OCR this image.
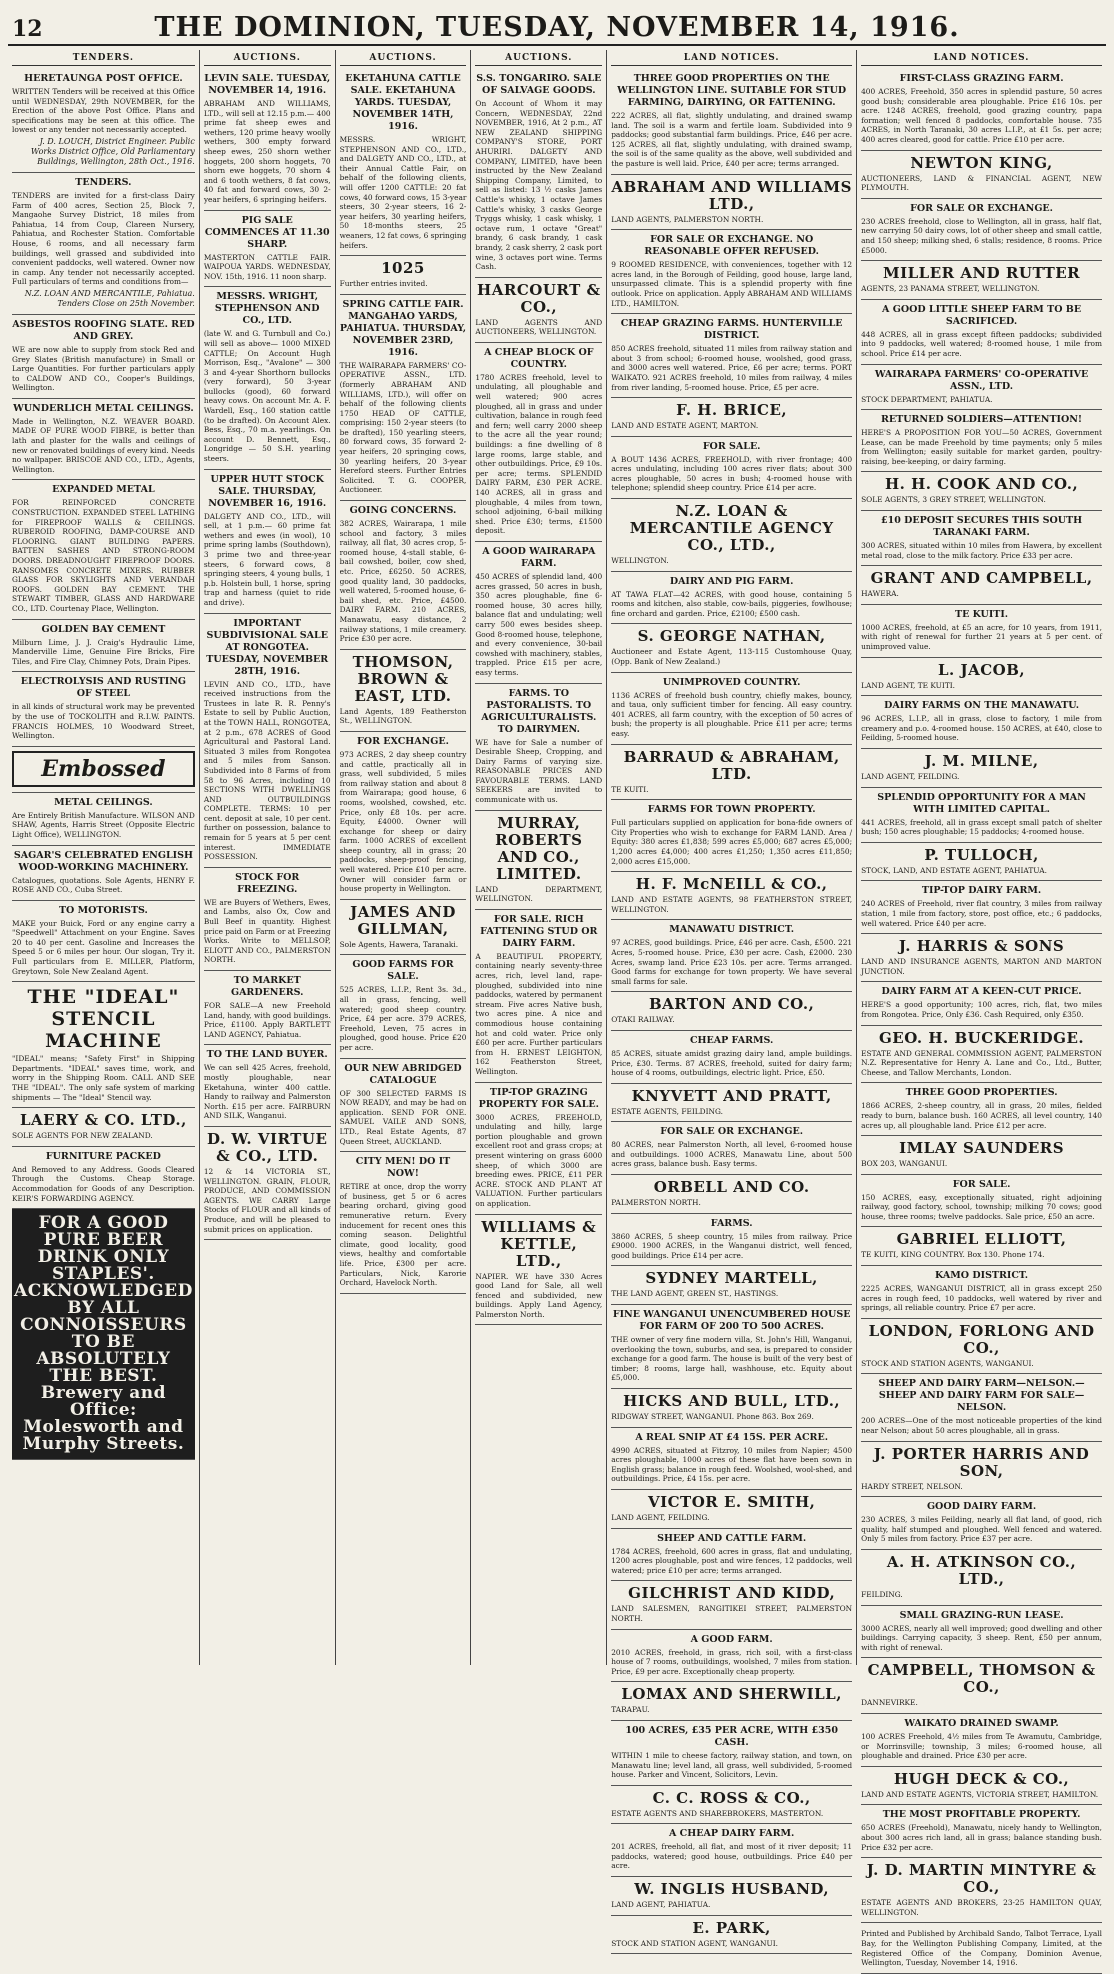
12	THE DOMINION, TUESDAY, NOVEMBER 14, 1916.
TENDERS.
HEREТAUNGA POST OFFICE.
WRITTEN Tenders will be received at this Office until WEDNESDAY, 29th NOVEMBER, for the Erection of the above Post Office. Plans and specifications may be seen at this office. The lowest or any tender not necessarily accepted.
J. D. LOUCH, District Engineer. Public Works District Office, Old Parliamentary Buildings, Wellington, 28th Oct., 1916.
TENDERS.
TENDERS are invited for a first-class Dairy Farm of 400 acres, Section 25, Block 7, Mangaohe Survey District, 18 miles from Pahiatua, 14 from Coup, Clareen Nursery, Pahiatua, and Rochester Station. Comfortable House, 6 rooms, and all necessary farm buildings, well grassed and subdivided into convenient paddocks, well watered. Owner now in camp. Any tender not necessarily accepted. Full particulars of terms and conditions from—
N.Z. LOAN AND MERCANTILE, Pahiatua. Tenders Close on 25th November.
ASBESTOS ROOFING SLATE. RED AND GREY.
WE are now able to supply from stock Red and Grey Slates (British manufacture) in Small or Large Quantities. For further particulars apply to CALDOW AND CO., Cooper's Buildings, Wellington.
WUNDERLICH METAL CEILINGS.
Made in Wellington, N.Z. WEAVER BOARD. MADE OF PURE WOOD FIBRE, is better than lath and plaster for the walls and ceilings of new or renovated buildings of every kind. Needs no wallpaper. BRISCOE AND CO., LTD., Agents, Wellington.
EXPANDED METAL
FOR REINFORCED CONCRETE CONSTRUCTION. EXPANDED STEEL LATHING for FIREPROOF WALLS & CEILINGS. RUBEROID ROOFING, DAMP-COURSE AND FLOORING. GIANT BUILDING PAPERS. BATTEN SASHES AND STRONG-ROOM DOORS. DREADNOUGHT FIREPROOF DOORS. RANSOMES CONCRETE MIXERS. RUBBER GLASS FOR SKYLIGHTS AND VERANDAH ROOFS. GOLDEN BAY CEMENT. THE STEWART TIMBER, GLASS AND HARDWARE CO., LTD. Courtenay Place, Wellington.
GOLDEN BAY CEMENT
Milburn Lime, J. J. Craig's Hydraulic Lime, Manderville Lime, Genuine Fire Bricks, Fire Tiles, and Fire Clay, Chimney Pots, Drain Pipes.
ELECTROLYSIS AND RUSTING OF STEEL
in all kinds of structural work may be prevented by the use of TOCKOLITH and R.I.W. PAINTS. FRANCIS HOLMES, 10 Woodward Street, Wellington.
Embossed
METAL CEILINGS.
Are Entirely British Manufacture. WILSON AND SHAW, Agents, Harris Street (Opposite Electric Light Office), WELLINGTON.
SAGAR'S CELEBRATED ENGLISH WOOD-WORKING MACHINERY.
Catalogues, quotations. Sole Agents, HENRY F. ROSE AND CO., Cuba Street.
TO MOTORISTS.
MAKE your Buick, Ford or any engine carry a "Speedwell" Attachment on your Engine. Saves 20 to 40 per cent. Gasoline and Increases the Speed 5 or 6 miles per hour. Our slogan, Try it. Full particulars from E. MILLER, Platform, Greytown, Sole New Zealand Agent.
THE "IDEAL" STENCIL MACHINE
"IDEAL" means; "Safety First" in Shipping Departments. "IDEAL" saves time, work, and worry in the Shipping Room. CALL AND SEE THE "IDEAL". The only safe system of marking shipments — The "Ideal" Stencil way.
LAERY & CO. LTD.,
SOLE AGENTS FOR NEW ZEALAND.
FURNITURE PACKED
And Removed to any Address. Goods Cleared Through the Customs. Cheap Storage. Accommodation for Goods of any Description. KEIR'S FORWARDING AGENCY.
FOR A GOOD PURE BEER DRINK ONLY STAPLES'. ACKNOWLEDGED BY ALL CONNOISSEURS TO BE ABSOLUTELY THE BEST. Brewery and Office: Molesworth and Murphy Streets.
AUCTIONS.
LEVIN SALE. TUESDAY, NOVEMBER 14, 1916.
ABRAHAM AND WILLIAMS, LTD., will sell at 12.15 p.m.— 400 prime fat sheep ewes and wethers, 120 prime heavy woolly wethers, 300 empty forward sheep ewes, 250 shorn wether hoggets, 200 shorn hoggets, 70 shorn ewe hoggets, 70 shorn 4 and 6 tooth wethers, 8 fat cows, 40 fat and forward cows, 30 2-year heifers, 6 springing heifers.
PIG SALE COMMENCES AT 11.30 SHARP.
MASTERTON CATTLE FAIR. WAIPOUA YARDS. WEDNESDAY, NOV. 15th, 1916. 11 noon sharp.
MESSRS. WRIGHT, STEPHENSON AND CO., LTD.
(late W. and G. Turnbull and Co.) will sell as above— 1000 MIXED CATTLE; On Account Hugh Morrison, Esq., "Avalone" — 300 3 and 4-year Shorthorn bullocks (very forward), 50 3-year bullocks (good), 60 forward heavy cows. On account Mr. A. F. Wardell, Esq., 160 station cattle (to be drafted). On Account Alex. Bess, Esq., 70 m.a. yearlings. On account D. Bennett, Esq., Longridge — 50 S.H. yearling steers.
UPPER HUTT STOCK SALE. THURSDAY, NOVEMBER 16, 1916.
DALGETY AND CO., LTD., will sell, at 1 p.m.— 60 prime fat wethers and ewes (in wool), 10 prime spring lambs (Southdown), 3 prime two and three-year steers, 6 forward cows, 8 springing steers, 4 young bulls, 1 p.b. Holstein bull, 1 horse, spring trap and harness (quiet to ride and drive).
IMPORTANT SUBDIVISIONAL SALE AT RONGOTEA. TUESDAY, NOVEMBER 28TH, 1916.
LEVIN AND CO., LTD., have received instructions from the Trustees in late R. R. Penny's Estate to sell by Public Auction, at the TOWN HALL, RONGOTEA, at 2 p.m., 678 ACRES of Good Agricultural and Pastoral Land. Situated 3 miles from Rongotea and 5 miles from Sanson. Subdivided into 8 Farms of from 58 to 96 Acres, including 10 SECTIONS WITH DWELLINGS AND OUTBUILDINGS COMPLETE. TERMS: 10 per cent. deposit at sale, 10 per cent. further on possession, balance to remain for 5 years at 5 per cent interest. IMMEDIATE POSSESSION.
STOCK FOR FREEZING.
WE are Buyers of Wethers, Ewes, and Lambs, also Ox, Cow and Bull Beef in quantity. Highest price paid on Farm or at Freezing Works. Write to MELLSOP, ELIOTT AND CO., PALMERSTON NORTH.
TO MARKET GARDENERS.
FOR SALE—A new Freehold Land, handy, with good buildings. Price, £1100. Apply BARTLETT LAND AGENCY, Pahiatua.
TO THE LAND BUYER.
We can sell 425 Acres, freehold, mostly ploughable, near Eketahuna, winter 400 cattle. Handy to railway and Palmerston North. £15 per acre. FAIRBURN AND SILK, Wanganui.
D. W. VIRTUE & CO., LTD.
12 & 14 VICTORIA ST., WELLINGTON. GRAIN, FLOUR, PRODUCE, AND COMMISSION AGENTS. WE CARRY Large Stocks of FLOUR and all kinds of Produce, and will be pleased to submit prices on application.
AUCTIONS.
EKETAHUNA CATTLE SALE. EKETAHUNA YARDS. TUESDAY, NOVEMBER 14TH, 1916.
MESSRS. WRIGHT, STEPHENSON AND CO., LTD., and DALGETY AND CO., LTD., at their Annual Cattle Fair, on behalf of the following clients, will offer 1200 CATTLE: 20 fat cows, 40 forward cows, 15 3-year steers, 30 2-year steers, 16 2-year heifers, 30 yearling heifers, 50 18-months steers, 25 weaners, 12 fat cows, 6 springing heifers.
1025
Further entries invited.
SPRING CATTLE FAIR. MANGAHAO YARDS, PAHIATUA. THURSDAY, NOVEMBER 23RD, 1916.
THE WAIRARAPA FARMERS' CO-OPERATIVE ASSN., LTD. (formerly ABRAHAM AND WILLIAMS, LTD.), will offer on behalf of the following clients 1750 HEAD OF CATTLE, comprising: 150 2-year steers (to be drafted), 150 yearling steers, 80 forward cows, 35 forward 2-year heifers, 20 springing cows, 30 yearling heifers, 20 3-year Hereford steers. Further Entries Solicited. T. G. COOPER, Auctioneer.
GOING CONCERNS.
382 ACRES, Wairarapa, 1 mile school and factory, 3 miles railway, all flat, 30 acres crop, 5-roomed house, 4-stall stable, 6-bail cowshed, boiler, cow shed, etc. Price, £6250. 50 ACRES, good quality land, 30 paddocks, well watered, 5-roomed house, 6-bail shed, etc. Price, £4500. DAIRY FARM. 210 ACRES, Manawatu, easy distance, 2 railway stations, 1 mile creamery. Price £30 per acre.
THOMSON, BROWN & EAST, LTD.
Land Agents, 189 Featherston St., WELLINGTON.
FOR EXCHANGE.
973 ACRES, 2 day sheep country and cattle, practically all in grass, well subdivided, 5 miles from railway station and about 8 from Wairarapa; good house, 6 rooms, woolshed, cowshed, etc. Price, only £8 10s. per acre. Equity, £4000. Owner will exchange for sheep or dairy farm. 1000 ACRES of excellent sheep country, all in grass; 20 paddocks, sheep-proof fencing, well watered. Price £10 per acre. Owner will consider farm or house property in Wellington.
JAMES AND GILLMAN,
Sole Agents, Hawera, Taranaki.
GOOD FARMS FOR SALE.
525 ACRES, L.I.P., Rent 3s. 3d., all in grass, fencing, well watered; good sheep country. Price, £4 per acre. 379 ACRES, Freehold, Leven, 75 acres in ploughed, good house. Price £20 per acre.
OUR NEW ABRIDGED CATALOGUE
OF 300 SELECTED FARMS IS NOW READY, and may be had on application. SEND FOR ONE. SAMUEL VAILE AND SONS, LTD., Real Estate Agents, 87 Queen Street, AUCKLAND.
CITY MEN! DO IT NOW!
RETIRE at once, drop the worry of business, get 5 or 6 acres bearing orchard, giving good remunerative return. Every inducement for recent ones this coming season. Delightful climate, good locality, good views, healthy and comfortable life. Price, £300 per acre. Particulars, Nick, Karorie Orchard, Havelock North.
AUCTIONS.
S.S. TONGARIRO. SALE OF SALVAGE GOODS.
On Account of Whom it may Concern, WEDNESDAY, 22nd NOVEMBER, 1916, At 2 p.m., AT NEW ZEALAND SHIPPING COMPANY'S STORE, PORT AHURIRI. DALGETY AND COMPANY, LIMITED, have been instructed by the New Zealand Shipping Company, Limited, to sell as listed: 13 ½ casks James Cattle's whisky, 1 octave James Cattle's whisky, 3 casks George Tryggs whisky, 1 cask whisky, 1 octave rum, 1 octave "Great" brandy, 6 cask brandy, 1 cask brandy, 2 cask sherry, 2 cask port wine, 3 octaves port wine. Terms Cash.
HARCOURT & CO.,
LAND AGENTS AND AUCTIONEERS, WELLINGTON.
A CHEAP BLOCK OF COUNTRY.
1780 ACRES freehold, level to undulating, all ploughable and well watered; 900 acres ploughed, all in grass and under cultivation, balance in rough feed and fern; well carry 2000 sheep to the acre all the year round; buildings: a fine dwelling of 8 large rooms, large stable, and other outbuildings. Price, £9 10s. per acre; terms. SPLENDID DAIRY FARM, £30 PER ACRE. 140 ACRES, all in grass and ploughable, 4 miles from town, school adjoining, 6-bail milking shed. Price £30; terms, £1500 deposit.
A GOOD WAIRARAPA FARM.
450 ACRES of splendid land, 400 acres grassed, 50 acres in bush, 350 acres ploughable, fine 6-roomed house, 30 acres hilly, balance flat and undulating; well carry 500 ewes besides sheep. Good 8-roomed house, telephone, and every convenience, 30-bail cowshed with machinery, stables, trappled. Price £15 per acre, easy terms.
FARMS. TO PASTORALISTS. TO AGRICULTURALISTS. TO DAIRYMEN.
WE have for Sale a number of Desirable Sheep, Cropping, and Dairy Farms of varying size. REASONABLE PRICES AND FAVOURABLE TERMS. LAND SEEKERS are invited to communicate with us.
MURRAY, ROBERTS AND CO., LIMITED.
LAND DEPARTMENT, WELLINGTON.
FOR SALE. RICH FATTENING STUD OR DAIRY FARM.
A BEAUTIFUL PROPERTY, containing nearly seventy-three acres, rich, level land, rape-ploughed, subdivided into nine paddocks, watered by permanent stream. Five acres Native bush, two acres pine. A nice and commodious house containing hot and cold water. Price only £60 per acre. Further particulars from H. ERNEST LEIGHTON, 162 Featherston Street, Wellington.
TIP-TOP GRAZING PROPERTY FOR SALE.
3000 ACRES, FREEHOLD, undulating and hilly, large portion ploughable and grown excellent root and grass crops; at present wintering on grass 6000 sheep, of which 3000 are breeding ewes. PRICE, £11 PER ACRE. STOCK AND PLANT AT VALUATION. Further particulars on application.
WILLIAMS & KETTLE, LTD.,
NAPIER. WE have 330 Acres good Land for Sale, all well fenced and subdivided, new buildings. Apply Land Agency, Palmerston North.
LAND NOTICES.
THREE GOOD PROPERTIES ON THE WELLINGTON LINE. SUITABLE FOR STUD FARMING, DAIRYING, OR FATTENING.
222 ACRES, all flat, slightly undulating, and drained swamp land. The soil is a warm and fertile loam. Subdivided into 9 paddocks; good substantial farm buildings. Price, £46 per acre. 125 ACRES, all flat, slightly undulating, with drained swamp, the soil is of the same quality as the above, well subdivided and the pasture is well laid. Price, £40 per acre; terms arranged.
ABRAHAM AND WILLIAMS LTD.,
LAND AGENTS, PALMERSTON NORTH.
FOR SALE OR EXCHANGE. NO REASONABLE OFFER REFUSED.
9 ROOMED RESIDENCE, with conveniences, together with 12 acres land, in the Borough of Feilding, good house, large land, unsurpassed climate. This is a splendid property with fine outlook. Price on application. Apply ABRAHAM AND WILLIAMS LTD., HAMILTON.
CHEAP GRAZING FARMS. HUNTERVILLE DISTRICT.
850 ACRES freehold, situated 11 miles from railway station and about 3 from school; 6-roomed house, woolshed, good grass, and 3000 acres well watered. Price, £6 per acre; terms. PORT WAIKATO. 921 ACRES freehold, 10 miles from railway, 4 miles from river landing, 5-roomed house. Price, £5 per acre.
F. H. BRICE,
LAND AND ESTATE AGENT, MARTON.
FOR SALE.
A BOUT 1436 ACRES, FREEHOLD, with river frontage; 400 acres undulating, including 100 acres river flats; about 300 acres ploughable, 50 acres in bush; 4-roomed house with telephone; splendid sheep country. Price £14 per acre.
N.Z. LOAN & MERCANTILE AGENCY CO., LTD.,
WELLINGTON.
DAIRY AND PIG FARM.
AT TAWA FLAT—42 ACRES, with good house, containing 5 rooms and kitchen, also stable, cow-bails, piggeries, fowlhouse; fine orchard and garden. Price, £2100; £500 cash.
S. GEORGE NATHAN,
Auctioneer and Estate Agent, 113-115 Customhouse Quay, (Opp. Bank of New Zealand.)
UNIMPROVED COUNTRY.
1136 ACRES of freehold bush country, chiefly makes, bouncy, and taua, only sufficient timber for fencing. All easy country. 401 ACRES, all farm country, with the exception of 50 acres of bush; the property is all ploughable. Price £11 per acre; terms easy.
BARRAUD & ABRAHAM, LTD.
TE KUITI.
FARMS FOR TOWN PROPERTY.
Full particulars supplied on application for bona-fide owners of City Properties who wish to exchange for FARM LAND. Area / Equity: 380 acres £1,838; 599 acres £5,000; 687 acres £5,000; 1,200 acres £4,000; 400 acres £1,250; 1,350 acres £11,850; 2,000 acres £15,000.
H. F. McNEILL & CO.,
LAND AND ESTATE AGENTS, 98 FEATHERSTON STREET, WELLINGTON.
MANAWATU DISTRICT.
97 ACRES, good buildings. Price, £46 per acre. Cash, £500. 221 Acres, 5-roomed house. Price, £30 per acre. Cash, £2000. 230 Acres, swamp land. Price £23 10s. per acre. Terms arranged. Good farms for exchange for town property. We have several small farms for sale.
BARTON AND CO.,
OTAKI RAILWAY.
CHEAP FARMS.
85 ACRES, situate amidst grazing dairy land, ample buildings. Price, £30. Terms. 87 ACRES, freehold, suited for dairy farm; house of 4 rooms, outbuildings, electric light. Price, £50.
KNYVETT AND PRATT,
ESTATE AGENTS, FEILDING.
FOR SALE OR EXCHANGE.
80 ACRES, near Palmerston North, all level, 6-roomed house and outbuildings. 1000 ACRES, Manawatu Line, about 500 acres grass, balance bush. Easy terms.
ORBELL AND CO.
PALMERSTON NORTH.
FARMS.
3860 ACRES, 5 sheep country, 15 miles from railway. Price £9000. 1900 ACRES, in the Wanganui district, well fenced, good buildings. Price £14 per acre.
SYDNEY MARTELL,
THE LAND AGENT, GREEN ST., HASTINGS.
FINE WANGANUI UNENCUMBERED HOUSE FOR FARM OF 200 TO 500 ACRES.
THE owner of very fine modern villa, St. John's Hill, Wanganui, overlooking the town, suburbs, and sea, is prepared to consider exchange for a good farm. The house is built of the very best of timber; 8 rooms, large hall, washhouse, etc. Equity about £5,000.
HICKS AND BULL, LTD.,
RIDGWAY STREET, WANGANUI. Phone 863. Box 269.
A REAL SNIP AT £4 15S. PER ACRE.
4990 ACRES, situated at Fitzroy, 10 miles from Napier; 4500 acres ploughable, 1000 acres of these flat have been sown in English grass; balance in rough feed. Woolshed, wool-shed, and outbuildings. Price, £4 15s. per acre.
VICTOR E. SMITH,
LAND AGENT, FEILDING.
SHEEP AND CATTLE FARM.
1784 ACRES, freehold, 600 acres in grass, flat and undulating, 1200 acres ploughable, post and wire fences, 12 paddocks, well watered; price £10 per acre; terms arranged.
GILCHRIST AND KIDD,
LAND SALESMEN, RANGITIKEI STREET, PALMERSTON NORTH.
A GOOD FARM.
2010 ACRES, freehold, in grass, rich soil, with a first-class house of 7 rooms, outbuildings, woolshed, 7 miles from station. Price, £9 per acre. Exceptionally cheap property.
LOMAX AND SHERWILL,
TARAPAU.
100 ACRES, £35 PER ACRE, WITH £350 CASH.
WITHIN 1 mile to cheese factory, railway station, and town, on Manawatu line; level land, all grass, well subdivided, 5-roomed house. Parker and Vincent, Solicitors, Levin.
C. C. ROSS & CO.,
ESTATE AGENTS AND SHAREBROKERS, MASTERTON.
A CHEAP DAIRY FARM.
201 ACRES, freehold, all flat, and most of it river deposit; 11 paddocks, watered; good house, outbuildings. Price £40 per acre.
W. INGLIS HUSBAND,
LAND AGENT, PAHIATUA.
E. PARK,
STOCK AND STATION AGENT, WANGANUI.
LAND NOTICES.
FIRST-CLASS GRAZING FARM.
400 ACRES, Freehold, 350 acres in splendid pasture, 50 acres good bush; considerable area ploughable. Price £16 10s. per acre. 1248 ACRES, freehold, good grazing country, papa formation; well fenced 8 paddocks, comfortable house. 735 ACRES, in North Taranaki, 30 acres L.I.P., at £1 5s. per acre; 400 acres cleared, good for cattle. Price £10 per acre.
NEWTON KING,
AUCTIONEERS, LAND & FINANCIAL AGENT, NEW PLYMOUTH.
FOR SALE OR EXCHANGE.
230 ACRES freehold, close to Wellington, all in grass, half flat, new carrying 50 dairy cows, lot of other sheep and small cattle, and 150 sheep; milking shed, 6 stalls; residence, 8 rooms. Price £5000.
MILLER AND RUTTER
AGENTS, 23 PANAMA STREET, WELLINGTON.
A GOOD LITTLE SHEEP FARM TO BE SACRIFICED.
448 ACRES, all in grass except fifteen paddocks; subdivided into 9 paddocks, well watered; 8-roomed house, 1 mile from school. Price £14 per acre.
WAIRARAPA FARMERS' CO-OPERATIVE ASSN., LTD.
STOCK DEPARTMENT, PAHIATUA.
RETURNED SOLDIERS—ATTENTION!
HERE'S A PROPOSITION FOR YOU—50 ACRES, Government Lease, can be made Freehold by time payments; only 5 miles from Wellington; easily suitable for market garden, poultry-raising, bee-keeping, or dairy farming.
H. H. COOK AND CO.,
SOLE AGENTS, 3 GREY STREET, WELLINGTON.
£10 DEPOSIT SECURES THIS SOUTH TARANAKI FARM.
300 ACRES, situated within 10 miles from Hawera, by excellent metal road, close to the milk factory. Price £33 per acre.
GRANT AND CAMPBELL,
HAWERA.
TE KUITI.
1000 ACRES, freehold, at £5 an acre, for 10 years, from 1911, with right of renewal for further 21 years at 5 per cent. of unimproved value.
L. JACOB,
LAND AGENT, TE KUITI.
DAIRY FARMS ON THE MANAWATU.
96 ACRES, L.I.P., all in grass, close to factory, 1 mile from creamery and p.o. 4-roomed house. 150 ACRES, at £40, close to Feilding, 5-roomed house.
J. M. MILNE,
LAND AGENT, FEILDING.
SPLENDID OPPORTUNITY FOR A MAN WITH LIMITED CAPITAL.
441 ACRES, freehold, all in grass except small patch of shelter bush; 150 acres ploughable; 15 paddocks; 4-roomed house.
P. TULLOCH,
STOCK, LAND, AND ESTATE AGENT, PAHIATUA.
TIP-TOP DAIRY FARM.
240 ACRES of Freehold, river flat country, 3 miles from railway station, 1 mile from factory, store, post office, etc.; 6 paddocks, well watered. Price £40 per acre.
J. HARRIS & SONS
LAND AND INSURANCE AGENTS, MARTON AND MARTON JUNCTION.
DAIRY FARM AT A KEEN-CUT PRICE.
HERE'S a good opportunity; 100 acres, rich, flat, two miles from Rongotea. Price, Only £36. Cash Required, only £350.
GEO. H. BUCKERIDGE.
ESTATE AND GENERAL COMMISSION AGENT, PALMERSTON N.Z. Representative for Henry A. Lane and Co., Ltd., Butter, Cheese, and Tallow Merchants, London.
THREE GOOD PROPERTIES.
1866 ACRES, 2-sheep country, all in grass, 20 miles, fielded ready to burn, balance bush. 160 ACRES, all level country, 140 acres up, all ploughable land. Price £12 per acre.
IMLAY SAUNDERS
BOX 203, WANGANUI.
FOR SALE.
150 ACRES, easy, exceptionally situated, right adjoining railway, good factory, school, township; milking 70 cows; good house, three rooms; twelve paddocks. Sale price, £50 an acre.
GABRIEL ELLIOTT,
TE KUITI, KING COUNTRY. Box 130. Phone 174.
KAMO DISTRICT.
2225 ACRES, WANGANUI DISTRICT, all in grass except 250 acres in rough feed, 10 paddocks, well watered by river and springs, all reliable country. Price £7 per acre.
LONDON, FORLONG AND CO.,
STOCK AND STATION AGENTS, WANGANUI.
SHEEP AND DAIRY FARM—NELSON.—SHEEP AND DAIRY FARM FOR SALE—NELSON.
200 ACRES—One of the most noticeable properties of the kind near Nelson; about 50 acres ploughable, all in grass.
J. PORTER HARRIS AND SON,
HARDY STREET, NELSON.
GOOD DAIRY FARM.
230 ACRES, 3 miles Feilding, nearly all flat land, of good, rich quality, half stumped and ploughed. Well fenced and watered. Only 5 miles from factory. Price £37 per acre.
A. H. ATKINSON CO., LTD.,
FEILDING.
SMALL GRAZING-RUN LEASE.
3000 ACRES, nearly all well improved; good dwelling and other buildings. Carrying capacity, 3 sheep. Rent, £50 per annum, with right of renewal.
CAMPBELL, THOMSON & CO.,
DANNEVIRKE.
WAIKATO DRAINED SWAMP.
100 ACRES Freehold, 4½ miles from Te Awamutu, Cambridge, or Morrinsville; township, 3 miles; 6-roomed house, all ploughable and drained. Price £30 per acre.
HUGH DECK & CO.,
LAND AND ESTATE AGENTS, VICTORIA STREET, HAMILTON.
THE MOST PROFITABLE PROPERTY.
650 ACRES (Freehold), Manawatu, nicely handy to Wellington, about 300 acres rich land, all in grass; balance standing bush. Price £32 per acre.
J. D. MARTIN MINTYRE & CO.,
ESTATE AGENTS AND BROKERS, 23-25 HAMILTON QUAY, WELLINGTON.
Printed and Published by Archibald Sando, Talbot Terrace, Lyall Bay, for the Wellington Publishing Company, Limited, at the Registered Office of the Company, Dominion Avenue, Wellington, Tuesday, November 14, 1916.
